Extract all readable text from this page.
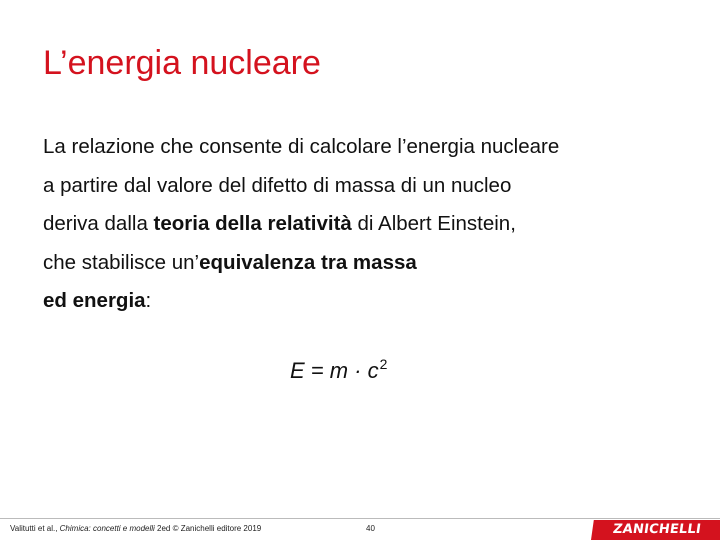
L’energia nucleare
La relazione che consente di calcolare l’energia nucleare
a partire dal valore del difetto di massa di un nucleo
deriva dalla teoria della relatività di Albert Einstein,
che stabilisce un’equivalenza tra massa
ed energia:
$E = m \cdot c^2$
Valitutti et al., Chimica: concetti e modelli 2ed © Zanichelli editore 2019	40	ZANICHELLI
